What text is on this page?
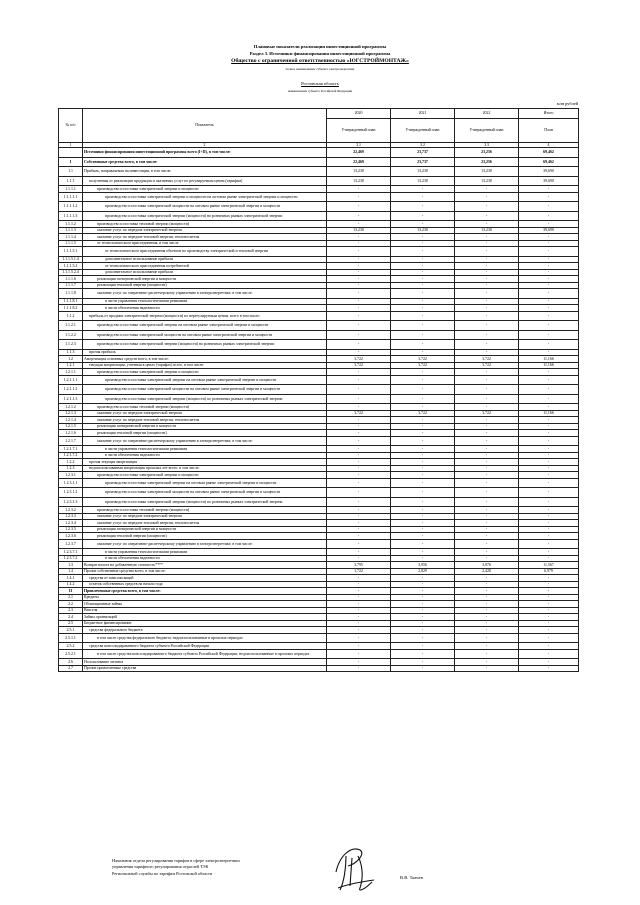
Плановые показатели реализации инвестиционной программы
Раздел 3. Источники финансирования инвестиционной программы
Общество с ограниченной ответственностью «ЮГСТРОЙМОНТАЖ»
полное наименование субъекта электроэнергетики
Ростовская область
наименование субъекта Российской Федерации
млн рублей
№ п/п	Показатель	2020	2021	2022	Итого
		Утвержденный план	Утвержденный план	Утвержденный план	План
1	2	3.1	3.2	3.3	4
	Источники финансирования инвестиционной программы всего (I+II), в том числе:	22,469	23,737	23,256	69,462
I	Собственные средства всего, в том числе:	22,469	23,737	23,256	69,462
1.1	Прибыль, направляемая на инвестиции, в том числе:	13,230	13,230	13,230	39,690
1.1.1	полученная от реализации продукции и оказанных услуг по регулируемым ценам (тарифам)	13,230	13,230	13,230	39,690
1.1.1.1	производство и поставка электрической энергии и мощности	-	-	-	-
1.1.1.1.1	производство и поставка электрической энергии и мощности на оптовом рынке электрической энергии и мощности	-	-	-	-
1.1.1.1.2	производство и поставка электрической мощности на оптовом рынке электрической энергии и мощности	-	-	-	-
1.1.1.1.3	производство и поставка электрической энергии (мощности) на розничных рынках электрической энергии	-	-	-	-
1.1.1.2	производство и поставка тепловой энергии (мощности)	-	-	-	-
1.1.1.3	оказание услуг по передаче электрической энергии	13,230	13,230	13,230	39,690
1.1.1.4	оказание услуг по передаче тепловой энергии, теплоносителя	-	-	-	-
1.1.1.5	от технологического присоединения, в том числе	-	-	-	-
1.1.1.5.1	от технологического присоединения объектов по производству электрической и тепловой энергии	-	-	-	-
1.1.1.5.1.4	дополнительное использование прибыли	-	-	-	-
1.1.1.5.2	от технологического присоединения потребителей	-	-	-	-
1.1.1.5.2.4	дополнительное использование прибыли	-	-	-	-
1.1.1.6	реализация электрической энергии и мощности	-	-	-	-
1.1.1.7	реализация тепловой энергии (мощности)	-	-	-	-
1.1.1.8	оказание услуг по оперативно-диспетчерскому управлению в электроэнергетике, в том числе:	-	-	-	-
1.1.1.8.1	в части управления технологическими режимами	-	-	-	-
1.1.1.8.2	в части обеспечения надежности	-	-	-	-
1.1.2	прибыль от продажи электрической энергии (мощности) по нерегулируемым ценам, всего в том числе:	-	-	-	-
1.1.2.1	производство и поставка электрической энергии на оптовом рынке электрической энергии и мощности	-	-	-	-
1.1.2.2	производство и поставка электрической мощности на оптовом рынке электрической энергии и мощности	-	-	-	-
1.1.2.3	производство и поставка электрической энергии (мощности) на розничных рынках электрической энергии	-	-	-	-
1.1.3	прочая прибыль	-	-	-	-
1.2	Амортизация основных средств всего, в том числе:	3,722	3,722	3,722	11,166
1.2.1	текущая амортизация, учтенная в ценах (тарифах) всего, в том числе:	3,722	3,722	3,722	11,166
1.2.1.1	производство и поставка электрической энергии и мощности	-	-	-	-
1.2.1.1.1	производство и поставка электрической энергии на оптовом рынке электрической энергии и мощности	-	-	-	-
1.2.1.1.2	производство и поставка электрической мощности на оптовом рынке электрической энергии и мощности	-	-	-	-
1.2.1.1.3	производство и поставка электрической энергии (мощности) по розничных рынках электрической энергии	-	-	-	-
1.2.1.2	производство и поставка тепловой энергии (мощности)	-	-	-	-
1.2.1.3	оказание услуг по передаче электрической энергии	3,722	3,722	3,722	11,166
1.2.1.4	оказание услуг по передаче тепловой энергии, теплоносителя	-	-	-	-
1.2.1.5	реализация электрической энергии и мощности	-	-	-	-
1.2.1.6	реализация тепловой энергии (мощности)	-	-	-	-
1.2.1.7	оказание услуг по оперативно-диспетчерскому управлению в электроэнергетике, в том числе:	-	-	-	-
1.2.1.7.1	в части управления технологическими режимами	-	-	-	-
1.2.1.7.2	в части обеспечения надежности	-	-	-	-
1.2.2	прочая текущая амортизация	-	-	-	-
1.2.3	недоиспользованная амортизация прошлых лет всего, в том числе:	-	-	-	-
1.2.3.1	производство и поставка электрической энергии и мощности	-	-	-	-
1.2.3.1.1	производство и поставка электрической энергии на оптовом рынке электрической энергии и мощности	-	-	-	-
1.2.3.1.2	производство и поставка электрической мощности на оптовом рынке электрической энергии и мощности	-	-	-	-
1.2.3.1.3	производство и поставка электрической энергии (мощности) по розничных рынках электрической энергии	-	-	-	-
1.2.3.2	производство и поставка тепловой энергии (мощности)	-	-	-	-
1.2.3.3	оказание услуг по передаче электрической энергии	-	-	-	-
1.2.3.4	оказание услуг по передаче тепловой энергии, теплоносителя	-	-	-	-
1.2.3.5	реализация электрической энергии и мощности	-	-	-	-
1.2.3.6	реализация тепловой энергии (мощности)	-	-	-	-
1.2.3.7	оказание услуг по оперативно-диспетчерскому управлению в электроэнергетике, в том числе:	-	-	-	-
1.2.3.7.1	в части управления технологическими режимами	-	-	-	-
1.2.3.7.2	в части обеспечения надежности	-	-	-	-
1.3	Возврат налога на добавленную стоимость****	3,795	3,956	3,876	11,567
1.4	Прочие собственные средства всего, в том числе:	1,722	2,829	2,428	6,979
1.4.1	средства от эмиссии акций	-	-	-	-
1.4.2	остаток собственных средств на начало года	-	-	-	-
II	Привлеченные средства всего, в том числе:	-	-	-	-
2.1	Кредиты	-	-	-	-
2.2	Облигационные займы	-	-	-	-
2.3	Векселя	-	-	-	-
2.4	Займы организаций	-	-	-	-
2.5	Бюджетное финансирование	-	-	-	-
2.5.1	средства федерального бюджета	-	-	-	-
2.5.1.1	в том числе средства федерального бюджета, недоиспользованные в прошлых периодах	-	-	-	-
2.5.2	средства консолидированного бюджета субъекта Российской Федерации	-	-	-	-
2.5.2.1	в том числе средства консолидированного бюджета субъекта Российской Федерации, недоиспользованные в прошлых периодах	-	-	-	-
2.6	Использование лизинга	-	-	-	-
2.7	Прочие привлеченные средства	-	-	-	-
Начальник отдела регулирования тарифов в сфере электроэнергетики
управления тарифного регулирования отраслей ТЭК
Региональной службы по тарифам Ростовской области
В.В. Ткачев
